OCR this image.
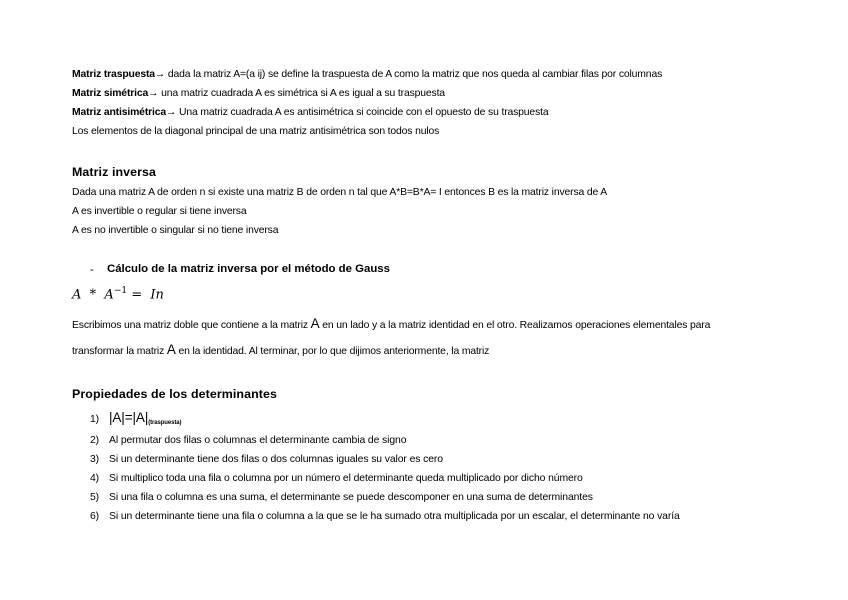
Matriz traspuesta→ dada la matriz A=(a ij) se define la traspuesta de A como la matriz que nos queda al cambiar filas por columnas
Matriz simétrica→ una matriz cuadrada A es simétrica si A es igual a su traspuesta
Matriz antisimétrica→ Una matriz cuadrada A es antisimétrica si coincide con el opuesto de su traspuesta
Los elementos de la diagonal principal de una matriz antisimétrica son todos nulos
Matriz inversa
Dada una matriz A de orden n si existe una matriz B de orden n tal que A*B=B*A= I entonces B es la matriz inversa de A
A es invertible o regular si tiene inversa
A es no invertible o singular si no tiene inversa
- Cálculo de la matriz inversa por el método de Gauss
$A * A^{-1} = In$
Escribimos una matriz doble que contiene a la matriz A en un lado y a la matriz identidad en el otro. Realizamos operaciones elementales para
transformar la matriz A en la identidad. Al terminar, por lo que dijimos anteriormente, la matriz
Propiedades de los determinantes
1) $|A|=|A|_{(traspuesta)}$
2) Al permutar dos filas o columnas el determinante cambia de signo
3) Si un determinante tiene dos filas o dos columnas iguales su valor es cero
4) Si multiplico toda una fila o columna por un número el determinante queda multiplicado por dicho número
5) Si una fila o columna es una suma, el determinante se puede descomponer en una suma de determinantes
6) Si un determinante tiene una fila o columna a la que se le ha sumado otra multiplicada por un escalar, el determinante no varía
